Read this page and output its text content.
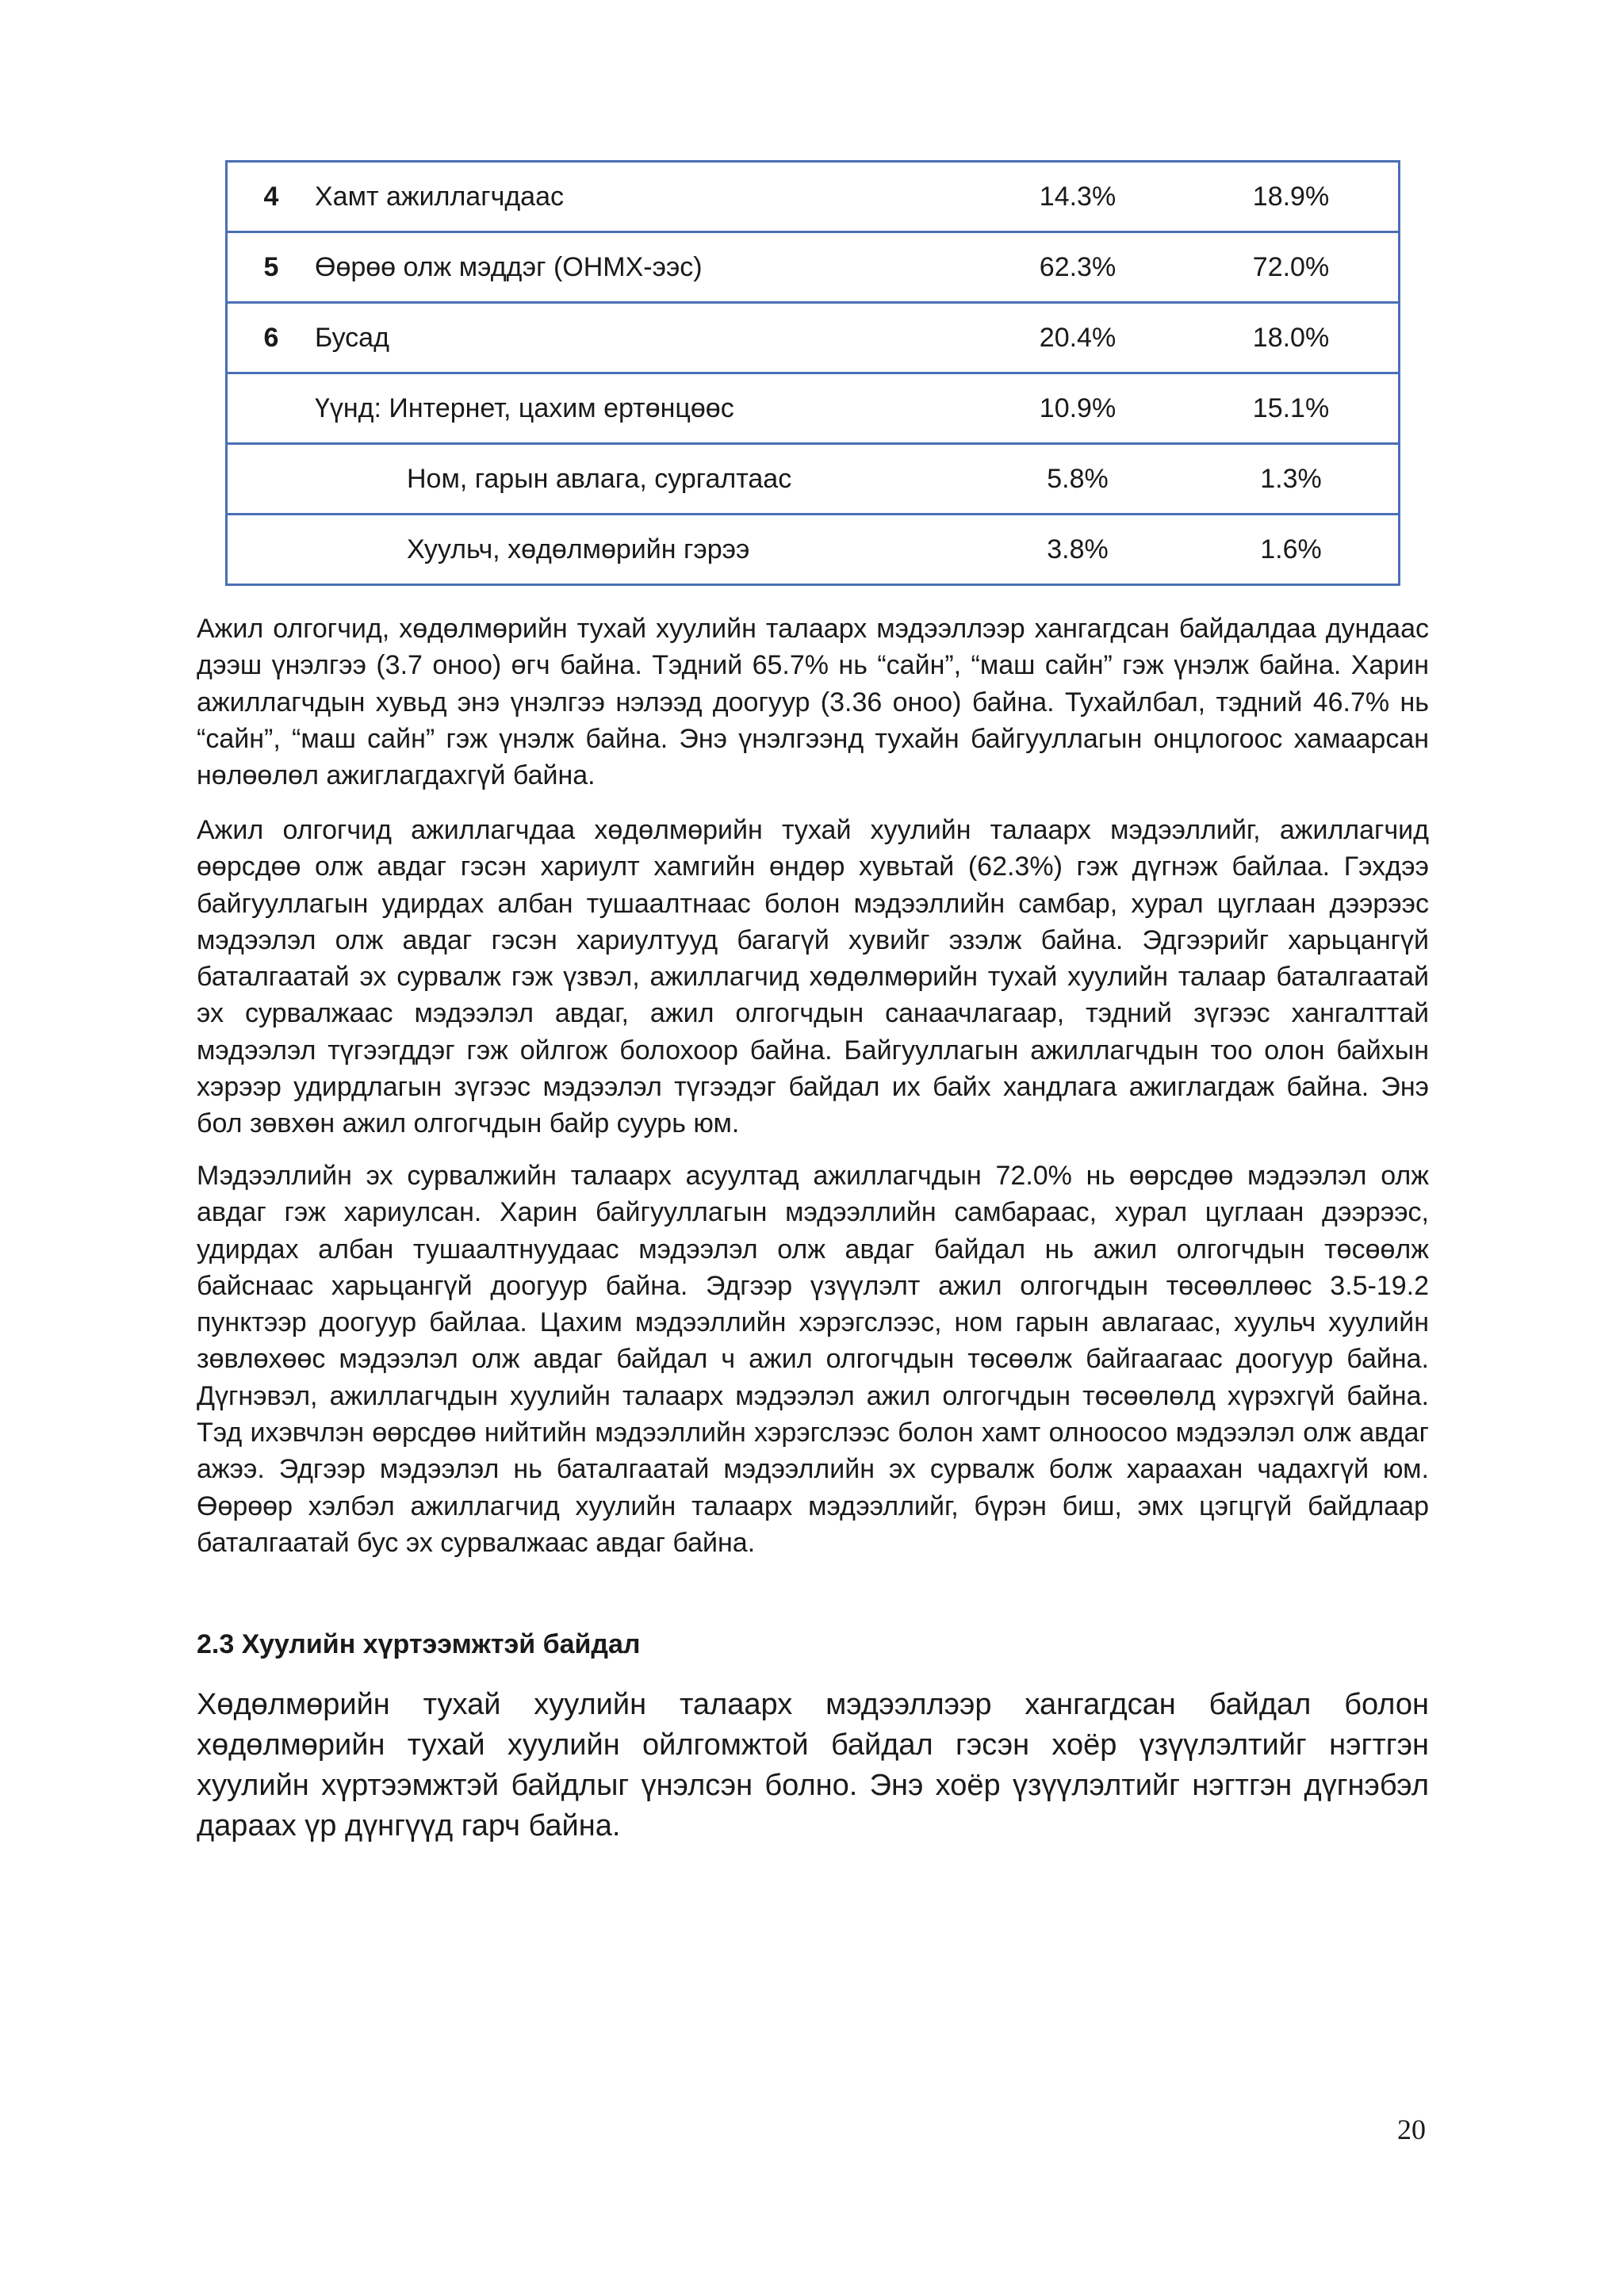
4	Хамт ажиллагчдаас	14.3%	18.9%
5	Өөрөө олж мэддэг (ОНМХ-ээс)	62.3%	72.0%
6	Бусад	20.4%	18.0%

Үүнд: Интернет, цахим ертөнцөөс		10.9%	15.1%

Ном, гарын авлага, сургалтаас		5.8%	1.3%

Хуульч, хөдөлмөрийн гэрээ		3.8%	1.6%

Ажил олгогчид, хөдөлмөрийн тухай хуулийн талаарх мэдээллээр хангагдсан байдалдаа дундаас дээш үнэлгээ (3.7 оноо) өгч байна. Тэдний 65.7% нь “сайн”, “маш сайн” гэж үнэлж байна. Харин ажиллагчдын хувьд энэ үнэлгээ нэлээд доогуур (3.36 оноо) байна. Тухайлбал, тэдний 46.7% нь “сайн”, “маш сайн” гэж үнэлж байна. Энэ үнэлгээнд тухайн байгууллагын онцлогоос хамаарсан нөлөөлөл ажиглагдахгүй байна.

Ажил олгогчид ажиллагчдаа хөдөлмөрийн тухай хуулийн талаарх мэдээллийг, ажиллагчид өөрсдөө олж авдаг гэсэн хариулт хамгийн өндөр хувьтай (62.3%) гэж дүгнэж байлаа. Гэхдээ байгууллагын удирдах албан тушаалтнаас болон мэдээллийн самбар, хурал цуглаан дээрээс мэдээлэл олж авдаг гэсэн хариултууд багагүй хувийг эзэлж байна. Эдгээрийг харьцангүй баталгаатай эх сурвалж гэж үзвэл, ажиллагчид хөдөлмөрийн тухай хуулийн талаар баталгаатай эх сурвалжаас мэдээлэл авдаг, ажил олгогчдын санаачлагаар, тэдний зүгээс хангалттай мэдээлэл түгээгддэг гэж ойлгож болохоор байна. Байгууллагын ажиллагчдын тоо олон байхын хэрээр удирдлагын зүгээс мэдээлэл түгээдэг байдал их байх хандлага ажиглагдаж байна. Энэ бол зөвхөн ажил олгогчдын байр суурь юм.

Мэдээллийн эх сурвалжийн талаарх асуултад ажиллагчдын 72.0% нь өөрсдөө мэдээлэл олж авдаг гэж хариулсан. Харин байгууллагын мэдээллийн самбараас, хурал цуглаан дээрээс, удирдах албан тушаалтнуудаас мэдээлэл олж авдаг байдал нь ажил олгогчдын төсөөлж байснаас харьцангүй доогуур байна. Эдгээр үзүүлэлт ажил олгогчдын төсөөллөөс 3.5-19.2 пунктээр доогуур байлаа. Цахим мэдээллийн хэрэгслээс, ном гарын авлагаас, хуульч хуулийн зөвлөхөөс мэдээлэл олж авдаг байдал ч ажил олгогчдын төсөөлж байгаагаас доогуур байна. Дүгнэвэл, ажиллагчдын хуулийн талаарх мэдээлэл ажил олгогчдын төсөөлөлд хүрэхгүй байна. Тэд ихэвчлэн өөрсдөө нийтийн мэдээллийн хэрэгслээс болон хамт олноосоо мэдээлэл олж авдаг ажээ. Эдгээр мэдээлэл нь баталгаатай мэдээллийн эх сурвалж болж хараахан чадахгүй юм. Өөрөөр хэлбэл ажиллагчид хуулийн талаарх мэдээллийг, бүрэн биш, эмх цэгцгүй байдлаар баталгаатай бус эх сурвалжаас авдаг байна.

2.3 Хуулийн хүртээмжтэй байдал

Хөдөлмөрийн тухай хуулийн талаарх мэдээллээр хангагдсан байдал болон хөдөлмөрийн тухай хуулийн ойлгомжтой байдал гэсэн хоёр үзүүлэлтийг нэгтгэн хуулийн хүртээмжтэй байдлыг үнэлсэн болно. Энэ хоёр үзүүлэлтийг нэгтгэн дүгнэбэл дараах үр дүнгүүд гарч байна.

20
